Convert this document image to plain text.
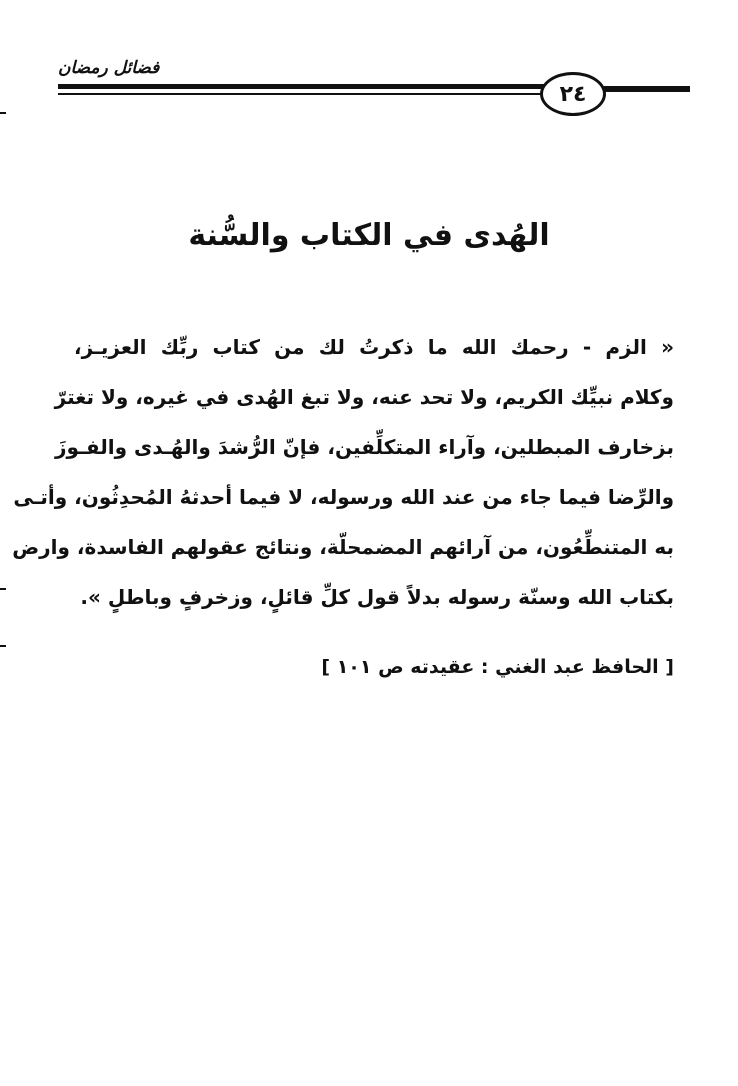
فضائل رمضان
٢٤
الهُدى في الكتاب والسُّنة
« الزم - رحمك الله ما ذكرتُ لك من كتاب ربِّك العزيـز،
وكلام نبيِّك الكريم، ولا تحد عنه، ولا تبغ الهُدى في غيره، ولا تغترّ
بزخارف المبطلين، وآراء المتكلِّفين، فإنّ الرُّشدَ والهُـدى والفـوزَ
والرِّضا فيما جاء من عند الله ورسوله، لا فيما أحدثهُ المُحدِثُون، وأتـى
به المتنطِّعُون، من آرائهم المضمحلّة، ونتائج عقولهم الفاسدة، وارض
بكتاب الله وسنّة رسوله بدلاً قول كلِّ قائلٍ، وزخرفٍ وباطلٍ ».
[ الحافظ عبد الغني : عقيدته ص ١٠١ ]
